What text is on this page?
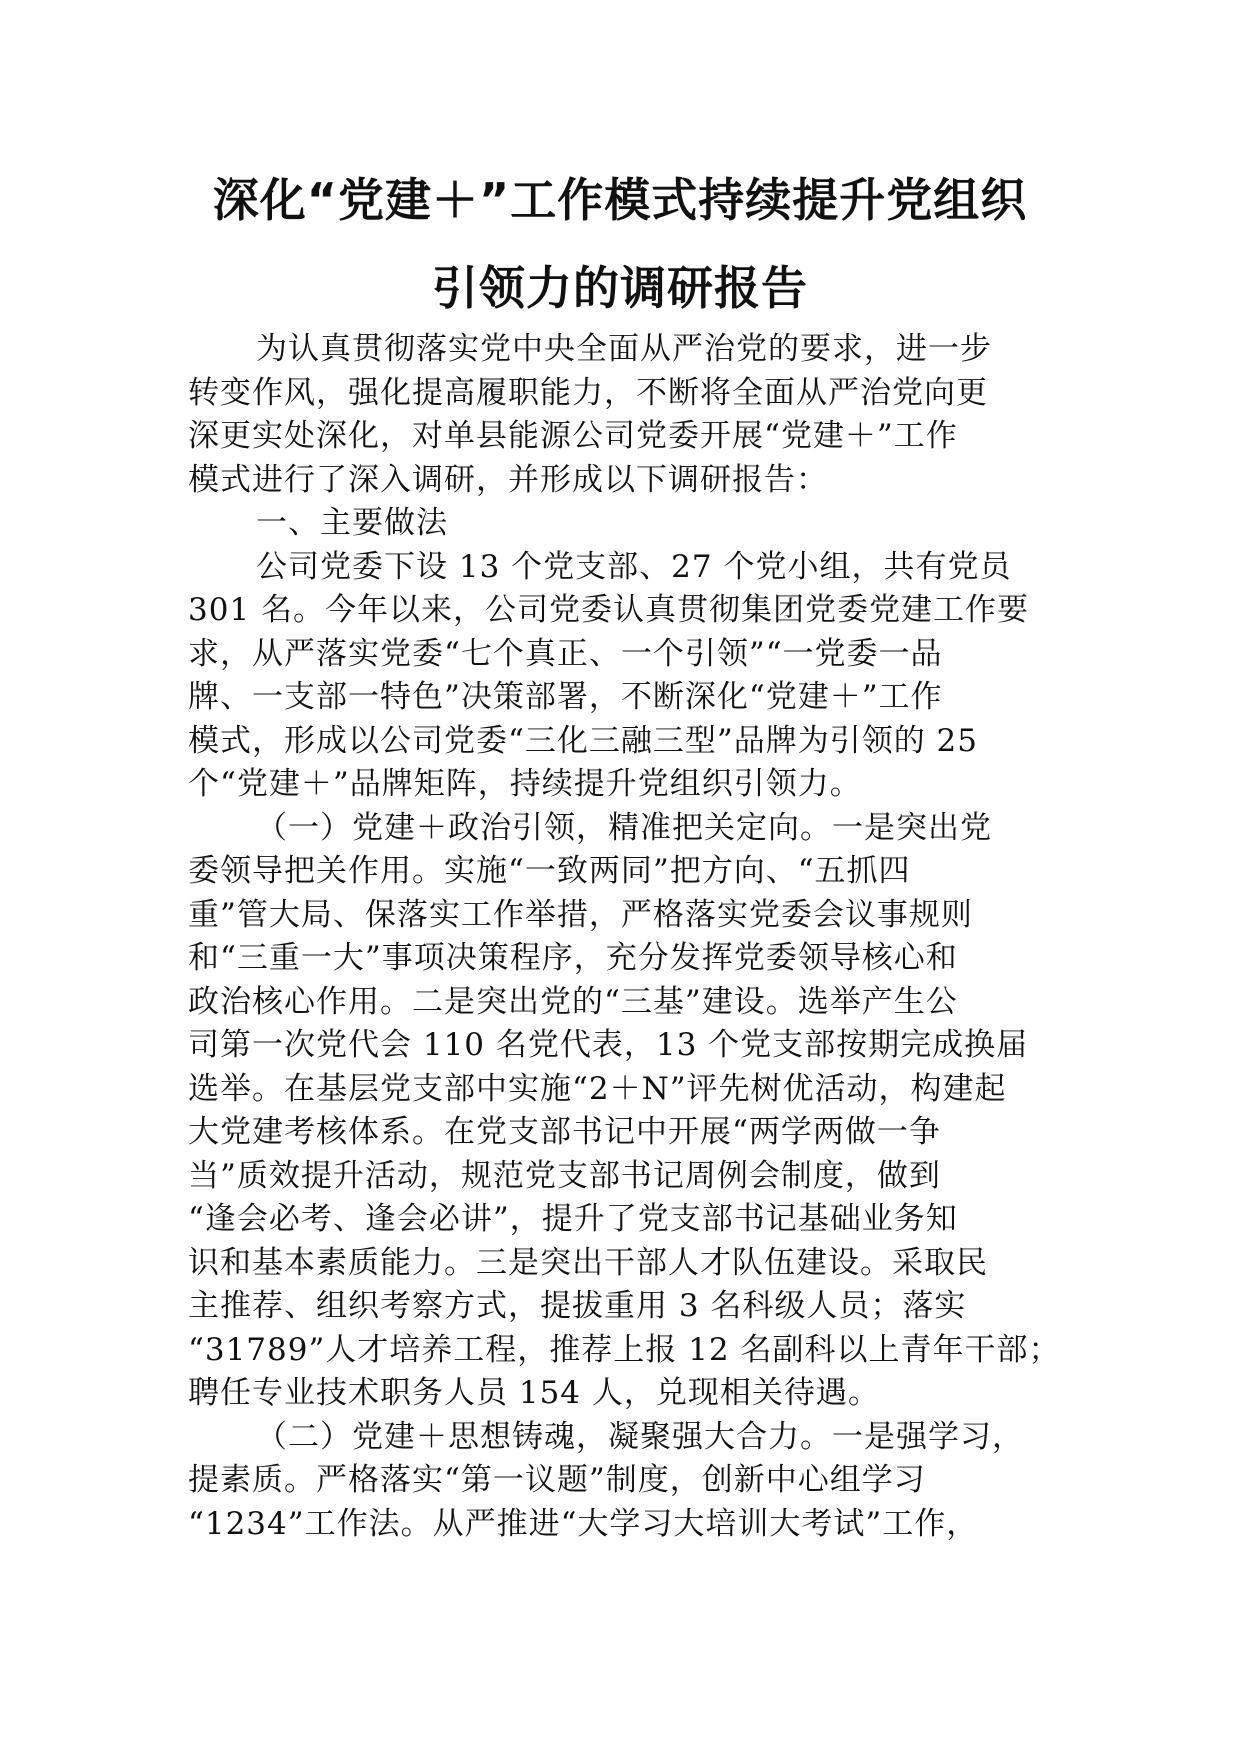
深化“党建＋”工作模式持续提升党组织
引领力的调研报告
为认真贯彻落实党中央全面从严治党的要求，进一步
转变作风，强化提高履职能力，不断将全面从严治党向更
深更实处深化，对单县能源公司党委开展“党建＋”工作
模式进行了深入调研，并形成以下调研报告：
一、主要做法
公司党委下设 13 个党支部、27 个党小组，共有党员
301 名。今年以来，公司党委认真贯彻集团党委党建工作要
求，从严落实党委“七个真正、一个引领”“一党委一品
牌、一支部一特色”决策部署，不断深化“党建＋”工作
模式，形成以公司党委“三化三融三型”品牌为引领的 25
个“党建＋”品牌矩阵，持续提升党组织引领力。
（一）党建＋政治引领，精准把关定向。一是突出党
委领导把关作用。实施“一致两同”把方向、“五抓四
重”管大局、保落实工作举措，严格落实党委会议事规则
和“三重一大”事项决策程序，充分发挥党委领导核心和
政治核心作用。二是突出党的“三基”建设。选举产生公
司第一次党代会 110 名党代表，13 个党支部按期完成换届
选举。在基层党支部中实施“2＋N”评先树优活动，构建起
大党建考核体系。在党支部书记中开展“两学两做一争
当”质效提升活动，规范党支部书记周例会制度，做到
“逢会必考、逢会必讲”，提升了党支部书记基础业务知
识和基本素质能力。三是突出干部人才队伍建设。采取民
主推荐、组织考察方式，提拔重用 3 名科级人员；落实
“31789”人才培养工程，推荐上报 12 名副科以上青年干部；
聘任专业技术职务人员 154 人，兑现相关待遇。
（二）党建＋思想铸魂，凝聚强大合力。一是强学习，
提素质。严格落实“第一议题”制度，创新中心组学习
“1234”工作法。从严推进“大学习大培训大考试”工作，
